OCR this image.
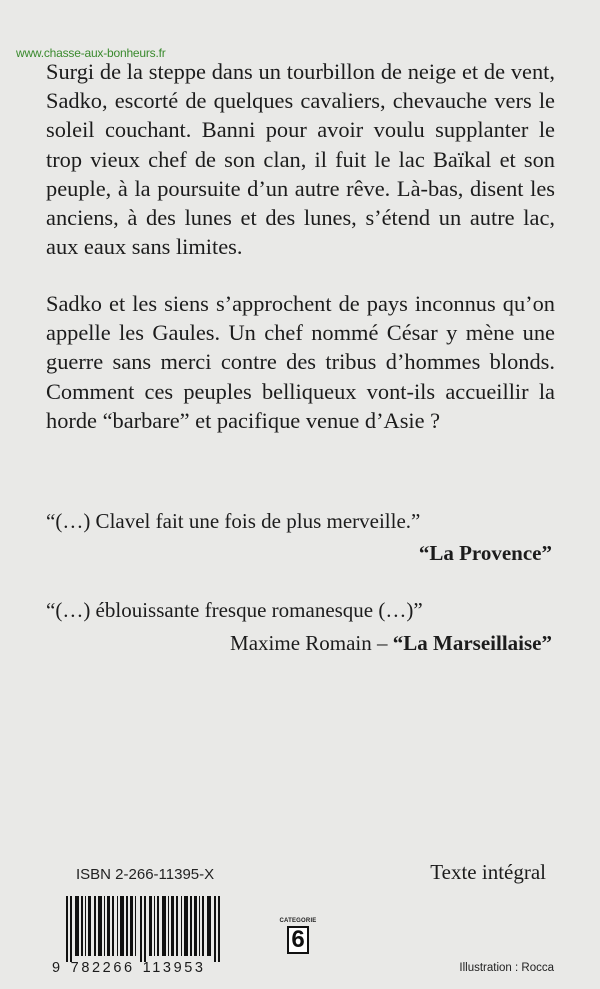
www.chasse-aux-bonheurs.fr

Surgi de la steppe dans un tourbillon de neige et de vent, Sadko, escorté de quelques cavaliers, chevauche vers le soleil couchant. Banni pour avoir voulu supplanter le trop vieux chef de son clan, il fuit le lac Baïkal et son peuple, à la poursuite d’un autre rêve. Là-bas, disent les anciens, à des lunes et des lunes, s’étend un autre lac, aux eaux sans limites.

Sadko et les siens s’approchent de pays inconnus qu’on appelle les Gaules. Un chef nommé César y mène une guerre sans merci contre des tribus d’hommes blonds. Comment ces peuples belliqueux vont-ils accueillir la horde “barbare” et pacifique venue d’Asie ?

“(…) Clavel fait une fois de plus merveille.”
“La Provence”
“(…) éblouissante fresque romanesque (…)”
Maxime Romain – “La Marseillaise”
ISBN 2-266-11395-X	Texte intégral
9 782266 113953
CATEGORIE
6
Illustration : Rocca
